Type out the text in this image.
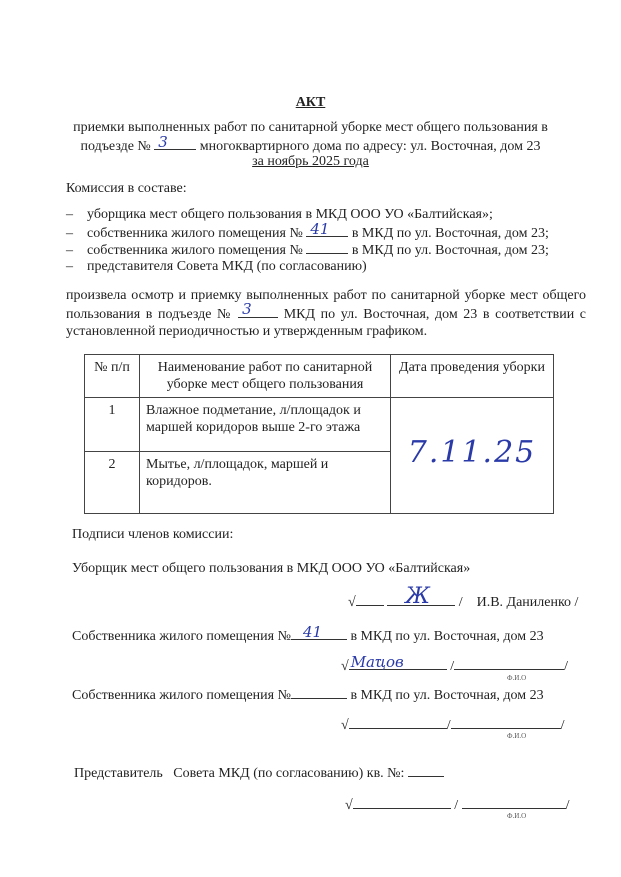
АКТ
приемки выполненных работ по санитарной уборке мест общего пользования в
подъезде № 3 многоквартирного дома по адресу: ул. Восточная, дом 23
за ноябрь 2025 года
Комиссия в составе:
–    уборщика мест общего пользования в МКД ООО УО «Балтийская»;
–    собственника жилого помещения № 41 в МКД по ул. Восточная, дом 23;
–    собственника жилого помещения №	в МКД по ул. Восточная, дом 23;
–    представителя Совета МКД (по согласованию)
произвела осмотр и приемку выполненных работ по санитарной уборке мест общего пользования в подъезде № 3 МКД по ул. Восточная, дом 23 в соответствии с установленной периодичностью и утвержденным графиком.
№ п/п	Наименование работ по санитарной уборке мест общего пользования	Дата проведения уборки
1	Влажное подметание, л/площадок и маршей коридоров выше 2-го этажа	7.11.25
2	Мытье, л/площадок, маршей и коридоров.	
Подписи членов комиссии:
Уборщик мест общего пользования в МКД ООО УО «Балтийская»
√ Ж /    И.В. Даниленко /
Собственника жилого помещения № 41 в МКД по ул. Восточная, дом 23
√ Маҵов	/	/
Ф.И.О
Собственника жилого помещения №	в МКД по ул. Восточная, дом 23
√	/	/
Ф.И.О
Представитель   Совета МКД (по согласованию) кв. №:
√	/	/
Ф.И.О
